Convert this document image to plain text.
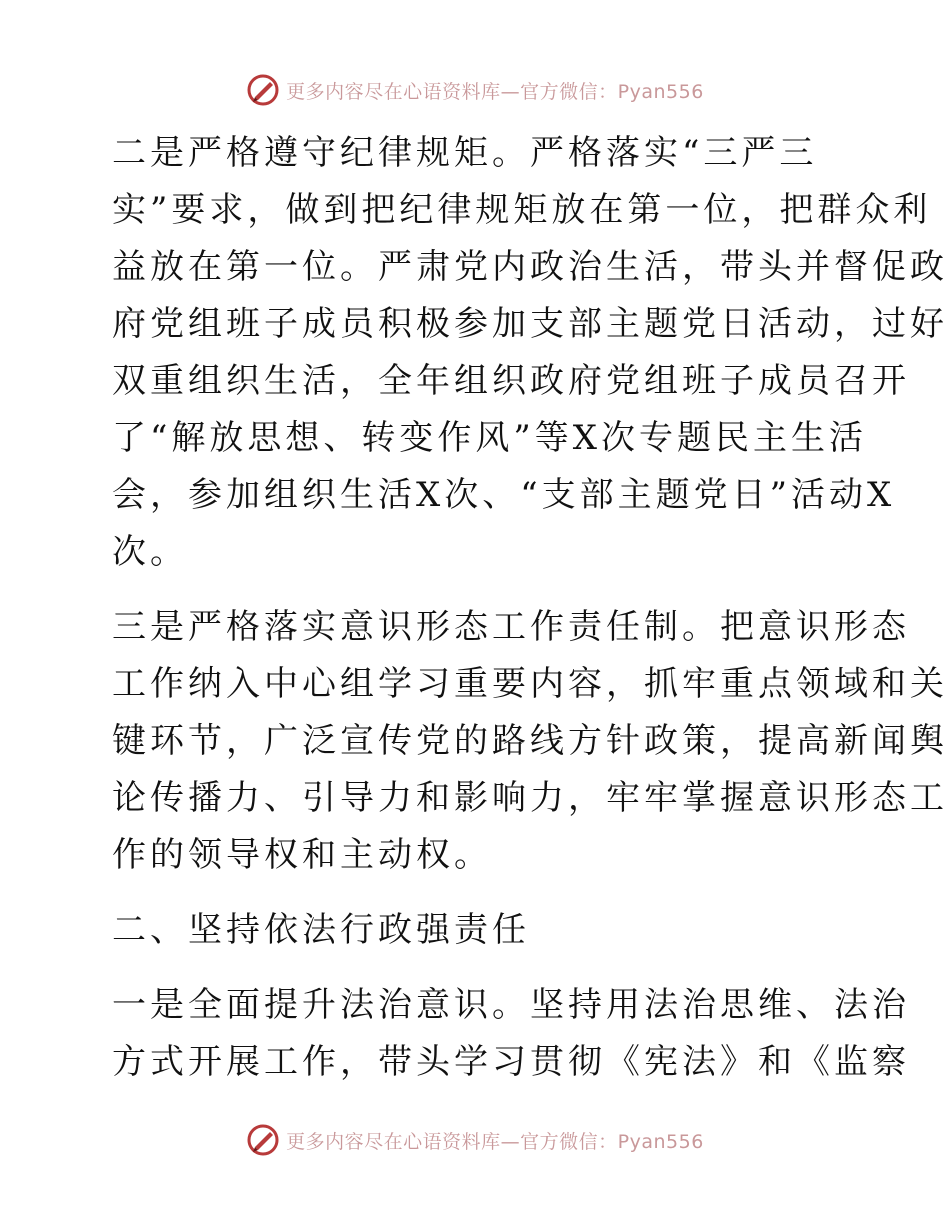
更多内容尽在心语资料库—官方微信：Pyan556
二是严格遵守纪律规矩。严格落实“三严三
实”要求，做到把纪律规矩放在第一位，把群众利
益放在第一位。严肃党内政治生活，带头并督促政
府党组班子成员积极参加支部主题党日活动，过好
双重组织生活，全年组织政府党组班子成员召开
了“解放思想、转变作风”等X次专题民主生活
会，参加组织生活X次、“支部主题党日”活动X
次。
三是严格落实意识形态工作责任制。把意识形态
工作纳入中心组学习重要内容，抓牢重点领域和关
键环节，广泛宣传党的路线方针政策，提高新闻舆
论传播力、引导力和影响力，牢牢掌握意识形态工
作的领导权和主动权。
二、坚持依法行政强责任
一是全面提升法治意识。坚持用法治思维、法治
方式开展工作，带头学习贯彻《宪法》和《监察
更多内容尽在心语资料库—官方微信：Pyan556
